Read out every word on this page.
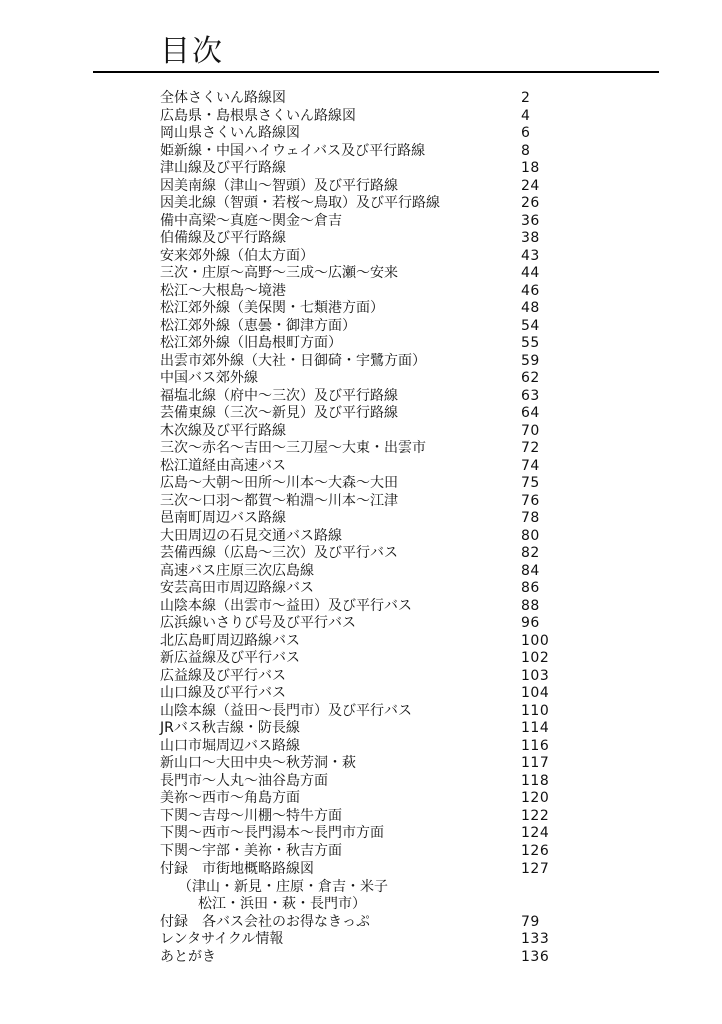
目次
全体さくいん路線図	2
広島県・島根県さくいん路線図	4
岡山県さくいん路線図	6
姫新線・中国ハイウェイバス及び平行路線	8
津山線及び平行路線	18
因美南線（津山〜智頭）及び平行路線	24
因美北線（智頭・若桜〜鳥取）及び平行路線	26
備中高梁〜真庭〜関金〜倉吉	36
伯備線及び平行路線	38
安来郊外線（伯太方面）	43
三次・庄原〜高野〜三成〜広瀬〜安来	44
松江〜大根島〜境港	46
松江郊外線（美保関・七類港方面）	48
松江郊外線（恵曇・御津方面）	54
松江郊外線（旧島根町方面）	55
出雲市郊外線（大社・日御碕・宇鷺方面）	59
中国バス郊外線	62
福塩北線（府中〜三次）及び平行路線	63
芸備東線（三次〜新見）及び平行路線	64
木次線及び平行路線	70
三次〜赤名〜吉田〜三刀屋〜大東・出雲市	72
松江道経由高速バス	74
広島〜大朝〜田所〜川本〜大森〜大田	75
三次〜口羽〜都賀〜粕淵〜川本〜江津	76
邑南町周辺バス路線	78
大田周辺の石見交通バス路線	80
芸備西線（広島〜三次）及び平行バス	82
高速バス庄原三次広島線	84
安芸高田市周辺路線バス	86
山陰本線（出雲市〜益田）及び平行バス	88
広浜線いさりび号及び平行バス	96
北広島町周辺路線バス	100
新広益線及び平行バス	102
広益線及び平行バス	103
山口線及び平行バス	104
山陰本線（益田〜長門市）及び平行バス	110
JRバス秋吉線・防長線	114
山口市堀周辺バス路線	116
新山口〜大田中央〜秋芳洞・萩	117
長門市〜人丸〜油谷島方面	118
美祢〜西市〜角島方面	120
下関〜吉母〜川棚〜特牛方面	122
下関〜西市〜長門湯本〜長門市方面	124
下関〜宇部・美祢・秋吉方面	126
付録　市街地概略路線図	127
（津山・新見・庄原・倉吉・米子
松江・浜田・萩・長門市）
付録　各バス会社のお得なきっぷ	79
レンタサイクル情報	133
あとがき	136
